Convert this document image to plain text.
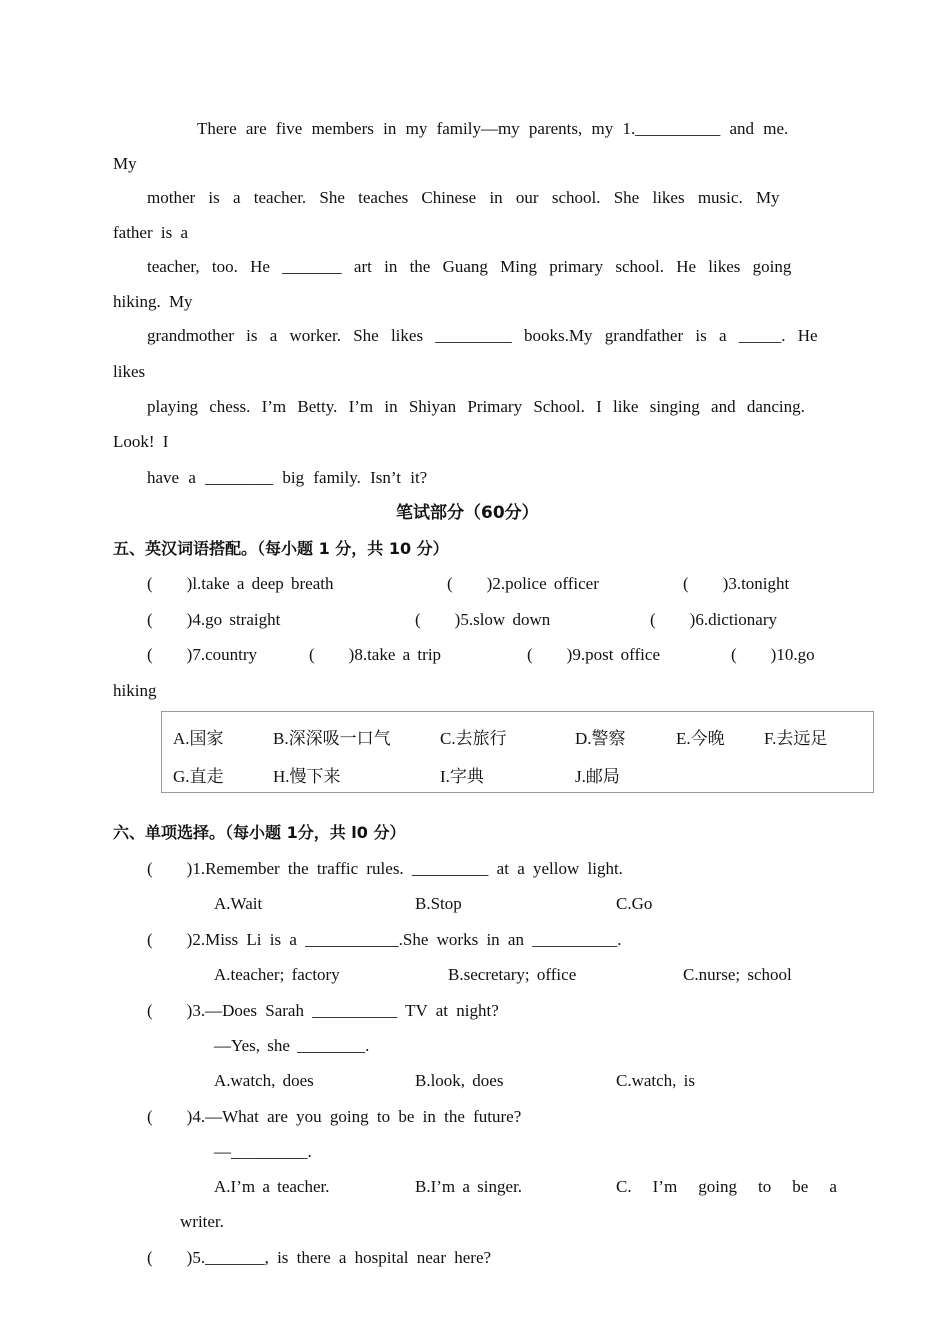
There are five members in my family—my parents, my 1.__________ and me.
My
mother is a teacher. She teaches Chinese in our school. She likes music. My
father is a
teacher, too. He _______ art in the Guang Ming primary school. He likes going
hiking. My
grandmother is a worker. She likes _________ books.My grandfather is a _____. He
likes
playing chess. I’m Betty. I’m in Shiyan Primary School. I like singing and dancing.
Look! I
have a ________ big family. Isn’t it?
笔试部分（60分）
五、英汉词语搭配。（每小题 1 分，共 10 分）
(　　)l.take a deep breath	(　　)2.police officer	(　　)3.tonight
(　　)4.go straight	(　　)5.slow down	(　　)6.dictionary
(　　)7.country	(　　)8.take a trip	(　　)9.post office	(　　)10.go
hiking
A.国家	B.深深吸一口气	C.去旅行	D.警察	E.今晚 F.去远足
G.直走	H.慢下来	I.字典	J.邮局
六、单项选择。（每小题 1分，共 l0 分）
(　　)1.Remember the traffic rules. _________ at a yellow light.
A.Wait	B.Stop	C.Go
(　　)2.Miss Li is a ___________.She works in an __________.
A.teacher; factory	B.secretary; office	C.nurse; school
(　　)3.—Does Sarah __________ TV at night?
—Yes, she ________.
A.watch, does	B.look, does	C.watch, is
(　　)4.—What are you going to be in the future?
—_________.
A.I’m a teacher.	B.I’m a singer.	C. I’m going to be a
writer.
(　　)5._______, is there a hospital near here?
